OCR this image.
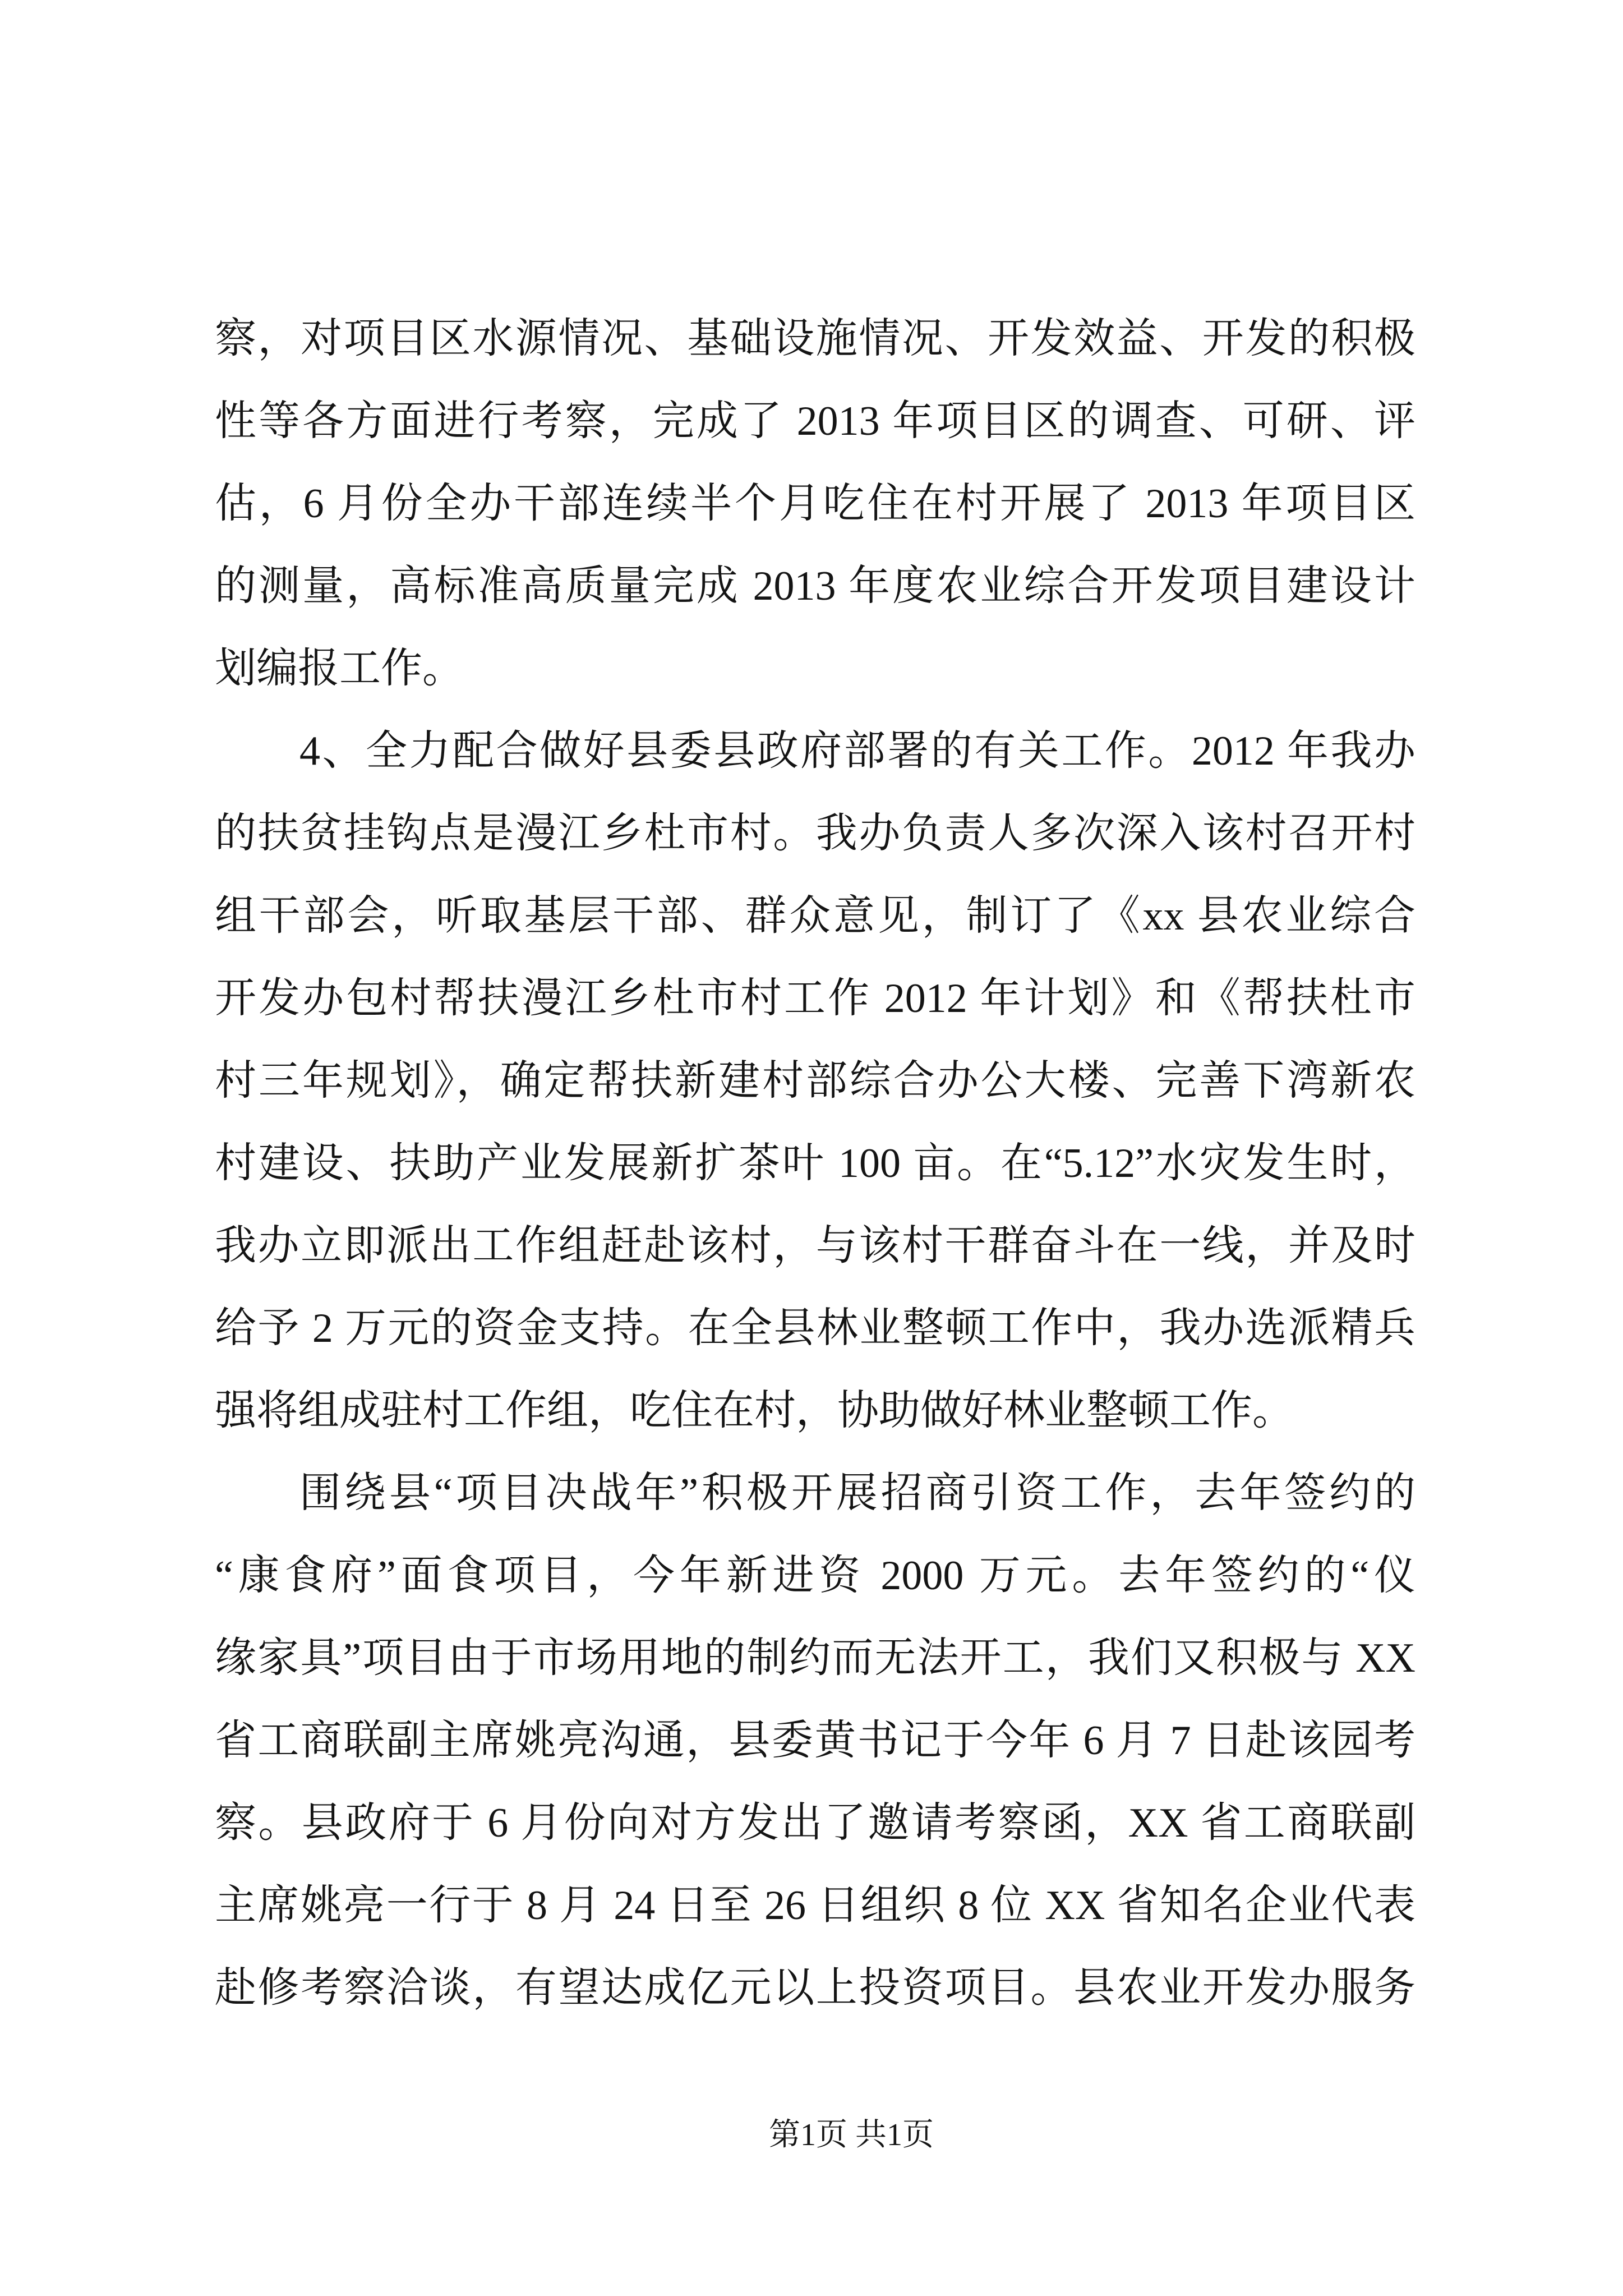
察，对项目区水源情况、基础设施情况、开发效益、开发的积极
性等各方面进行考察，完成了 2013 年项目区的调查、可研、评
估，6 月份全办干部连续半个月吃住在村开展了 2013 年项目区
的测量，高标准高质量完成 2013 年度农业综合开发项目建设计
划编报工作。
4、全力配合做好县委县政府部署的有关工作。2012 年我办
的扶贫挂钩点是漫江乡杜市村。我办负责人多次深入该村召开村
组干部会，听取基层干部、群众意见，制订了《xx 县农业综合
开发办包村帮扶漫江乡杜市村工作 2012 年计划》和《帮扶杜市
村三年规划》，确定帮扶新建村部综合办公大楼、完善下湾新农
村建设、扶助产业发展新扩茶叶 100 亩。在“5.12”水灾发生时，
我办立即派出工作组赶赴该村，与该村干群奋斗在一线，并及时
给予 2 万元的资金支持。在全县林业整顿工作中，我办选派精兵
强将组成驻村工作组，吃住在村，协助做好林业整顿工作。
围绕县“项目决战年”积极开展招商引资工作，去年签约的
“康食府”面食项目，今年新进资 2000 万元。去年签约的“仪
缘家具”项目由于市场用地的制约而无法开工，我们又积极与 XX
省工商联副主席姚亮沟通，县委黄书记于今年 6 月 7 日赴该园考
察。县政府于 6 月份向对方发出了邀请考察函，XX 省工商联副
主席姚亮一行于 8 月 24 日至 26 日组织 8 位 XX 省知名企业代表
赴修考察洽谈，有望达成亿元以上投资项目。县农业开发办服务
第1页 共1页
